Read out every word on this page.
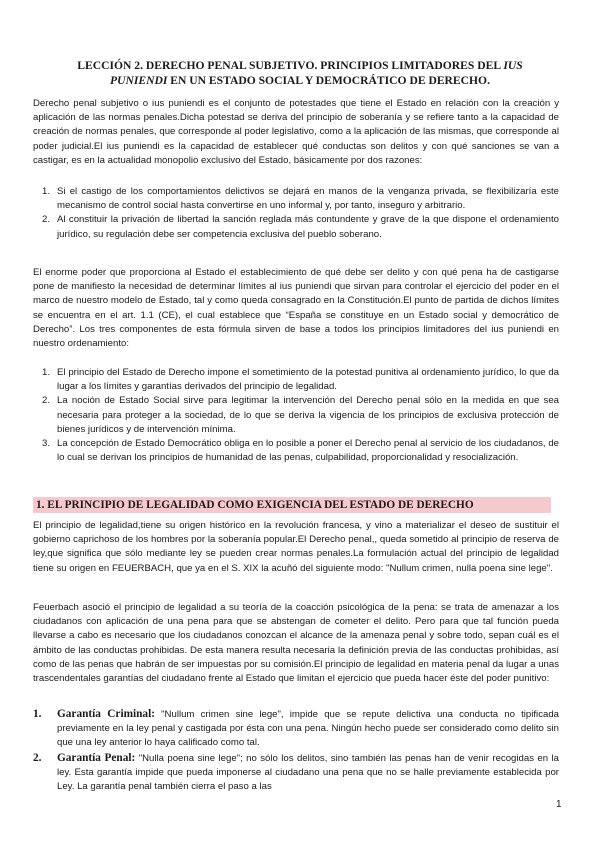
LECCIÓN 2. DERECHO PENAL SUBJETIVO. PRINCIPIOS LIMITADORES DEL IUS
PUNIENDI EN UN ESTADO SOCIAL Y DEMOCRÁTICO DE DERECHO.

Derecho penal subjetivo o ius puniendi es el conjunto de potestades que tiene el Estado en relación con la creación y aplicación de las normas penales.Dicha potestad se deriva del principio de soberanía y se refiere tanto a la capacidad de creación de normas penales, que corresponde al poder legislativo, como a la aplicación de las mismas, que corresponde al poder judicial.El ius puniendi es la capacidad de establecer qué conductas son delitos y con qué sanciones se van a castigar, es en la actualidad monopolio exclusivo del Estado, básicamente por dos razones:

1. Si el castigo de los comportamientos delictivos se dejará en manos de la venganza privada, se flexibilizaría este mecanismo de control social hasta convertirse en uno informal y, por tanto, inseguro y arbitrario.
2. Al constituir la privación de libertad la sanción reglada más contundente y grave de la que dispone el ordenamiento jurídico, su regulación debe ser competencia exclusiva del pueblo soberano.

El enorme poder que proporciona al Estado el establecimiento de qué debe ser delito y con qué pena ha de castigarse pone de manifiesto la necesidad de determinar límites al ius puniendi que sirvan para controlar el ejercicio del poder en el marco de nuestro modelo de Estado, tal y como queda consagrado en la Constitución.El punto de partida de dichos límites se encuentra en el art. 1.1 (CE), el cual establece que “España se constituye en un Estado social y democrático de Derecho”. Los tres componentes de esta fórmula sirven de base a todos los principios limitadores del ius puniendi en nuestro ordenamiento:

1. El principio del Estado de Derecho impone el sometimiento de la potestad punitiva al ordenamiento jurídico, lo que da lugar a los límites y garantías derivados del principio de legalidad.
2. La noción de Estado Social sirve para legitimar la intervención del Derecho penal sólo en la medida en que sea necesaria para proteger a la sociedad, de lo que se deriva la vigencia de los principios de exclusiva protección de bienes jurídicos y de intervención mínima.
3. La concepción de Estado Democrático obliga en lo posible a poner el Derecho penal al servicio de los ciudadanos, de lo cual se derivan los principios de humanidad de las penas, culpabilidad, proporcionalidad y resocialización.
1. EL PRINCIPIO DE LEGALIDAD COMO EXIGENCIA DEL ESTADO DE DERECHO

El principio de legalidad,tiene su origen histórico en la revolución francesa, y vino a materializar el deseo de sustituir el gobierno caprichoso de los hombres por la soberanía popular.El Derecho penal,, queda sometido al principio de reserva de ley,que significa que sólo mediante ley se pueden crear normas penales.La formulación actual del principio de legalidad tiene su origen en FEUERBACH, que ya en el S. XIX la acuñó del siguiente modo: "Nullum crimen, nulla poena sine lege".

Feuerbach asoció el principio de legalidad a su teoría de la coacción psicológica de la pena: se trata de amenazar a los ciudadanos con aplicación de una pena para que se abstengan de cometer el delito. Pero para que tal función pueda llevarse a cabo es necesario que los ciudadanos conozcan el alcance de la amenaza penal y sobre todo, sepan cuál es el ámbito de las conductas prohibidas. De esta manera resulta necesaria la definición previa de las conductas prohibidas, así como de las penas que habrán de ser impuestas por su comisión.El principio de legalidad en materia penal da lugar a unas trascendentales garantías del ciudadano frente al Estado que limitan el ejercicio que pueda hacer éste del poder punitivo:

1. Garantía Criminal: "Nullum crimen sine lege", impide que se repute delictiva una conducta no tipificada previamente en la ley penal y castigada por ésta con una pena. Ningún hecho puede ser considerado como delito sin que una ley anterior lo haya calificado como tal.
2. Garantía Penal: "Nulla poena sine lege"; no sólo los delitos, sino también las penas han de venir recogidas en la ley. Esta garantía impide que pueda imponerse al ciudadano una pena que no se halle previamente establecida por Ley. La garantía penal también cierra el paso a las
1
